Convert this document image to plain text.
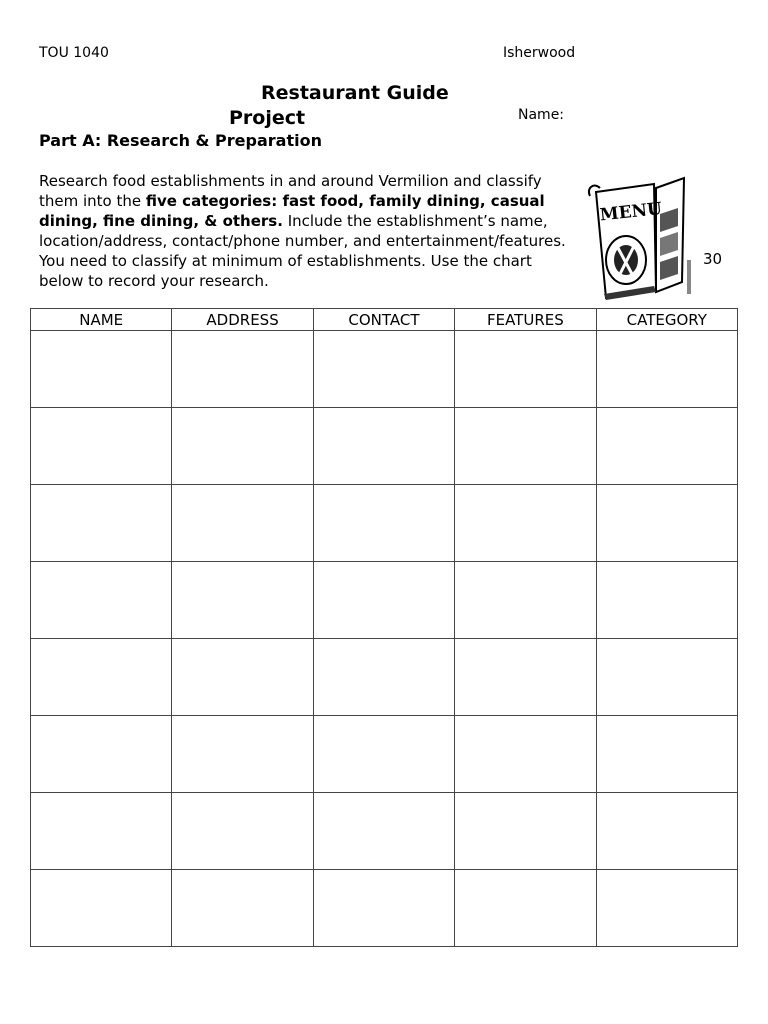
TOU 1040	Isherwood
Restaurant Guide
Project	Name:
Part A: Research & Preparation
Research food establishments in and around Vermilion and classify them into the five categories: fast food, family dining, casual dining, fine dining, & others. Include the establishment’s name, location/address, contact/phone number, and entertainment/features. You need to classify at minimum of establishments. Use the chart below to record your research.
30
MENU
NAME	ADDRESS	CONTACT	FEATURES	CATEGORY
